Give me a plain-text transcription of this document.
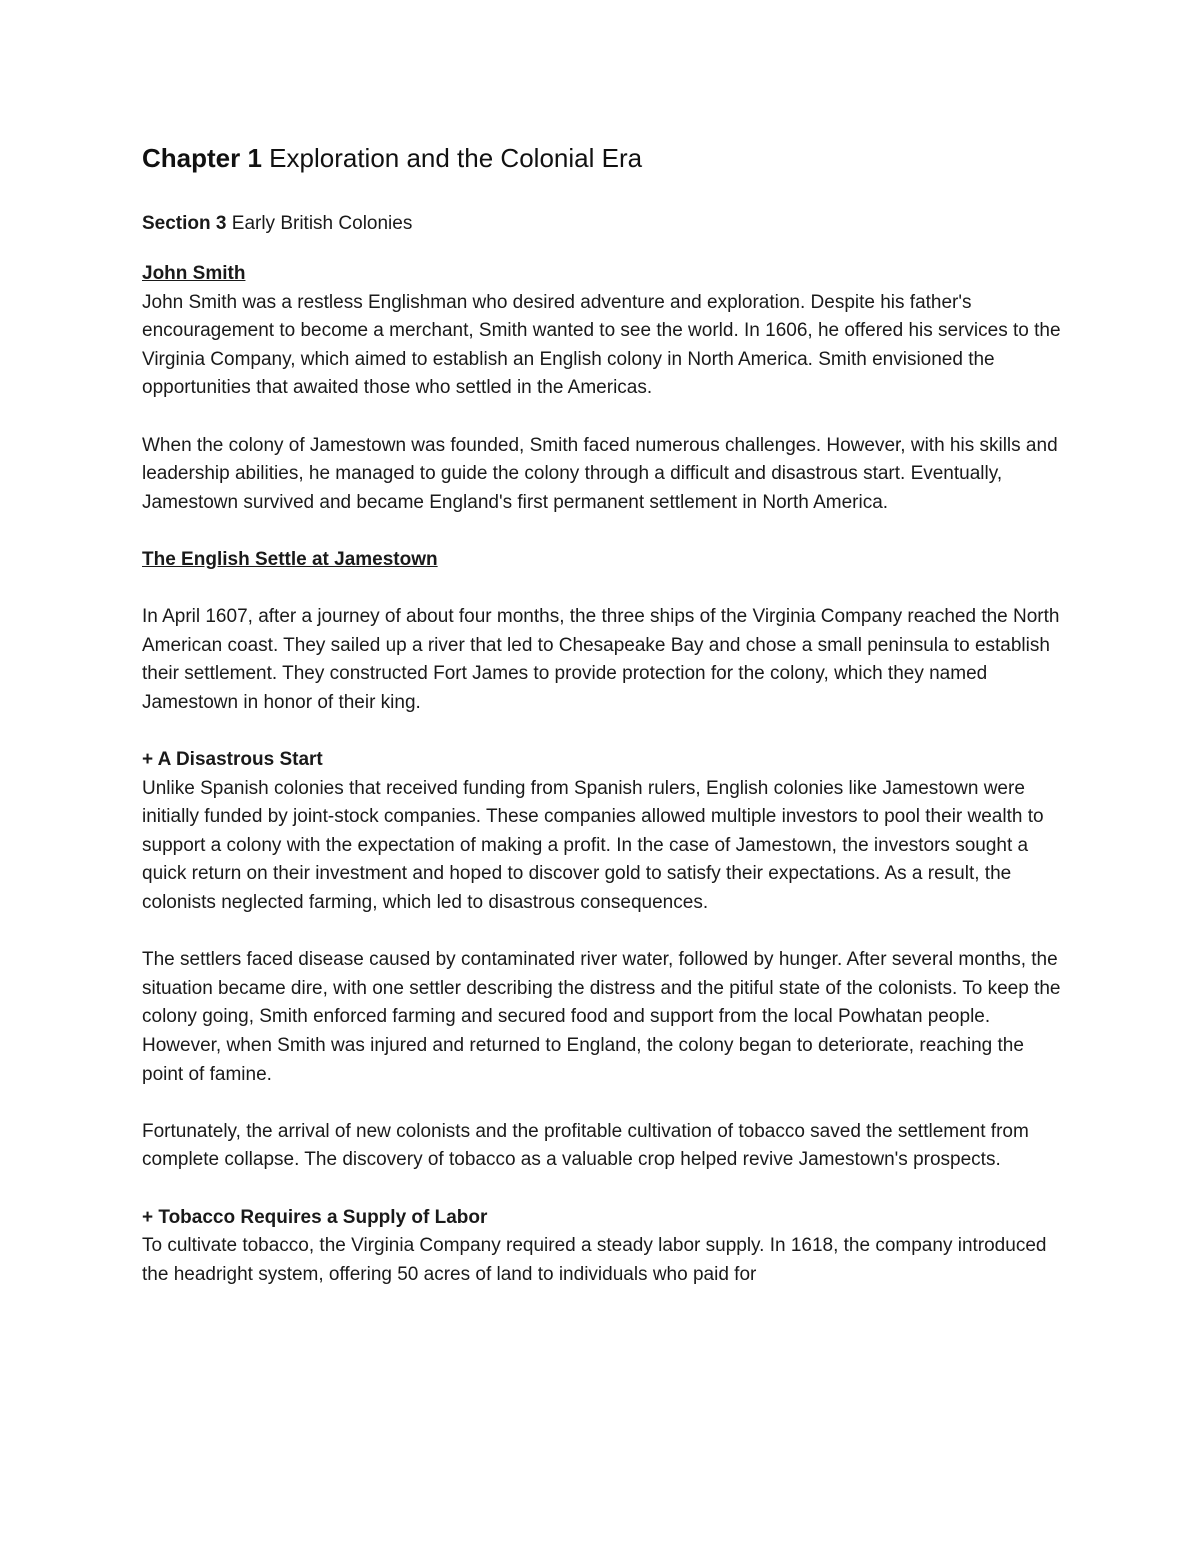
Chapter 1 Exploration and the Colonial Era
Section 3 Early British Colonies
John Smith

John Smith was a restless Englishman who desired adventure and exploration. Despite his father's encouragement to become a merchant, Smith wanted to see the world. In 1606, he offered his services to the Virginia Company, which aimed to establish an English colony in North America. Smith envisioned the opportunities that awaited those who settled in the Americas.

When the colony of Jamestown was founded, Smith faced numerous challenges. However, with his skills and leadership abilities, he managed to guide the colony through a difficult and disastrous start. Eventually, Jamestown survived and became England's first permanent settlement in North America.

The English Settle at Jamestown

In April 1607, after a journey of about four months, the three ships of the Virginia Company reached the North American coast. They sailed up a river that led to Chesapeake Bay and chose a small peninsula to establish their settlement. They constructed Fort James to provide protection for the colony, which they named Jamestown in honor of their king.

+ A Disastrous Start

Unlike Spanish colonies that received funding from Spanish rulers, English colonies like Jamestown were initially funded by joint-stock companies. These companies allowed multiple investors to pool their wealth to support a colony with the expectation of making a profit. In the case of Jamestown, the investors sought a quick return on their investment and hoped to discover gold to satisfy their expectations. As a result, the colonists neglected farming, which led to disastrous consequences.

The settlers faced disease caused by contaminated river water, followed by hunger. After several months, the situation became dire, with one settler describing the distress and the pitiful state of the colonists. To keep the colony going, Smith enforced farming and secured food and support from the local Powhatan people. However, when Smith was injured and returned to England, the colony began to deteriorate, reaching the point of famine.

Fortunately, the arrival of new colonists and the profitable cultivation of tobacco saved the settlement from complete collapse. The discovery of tobacco as a valuable crop helped revive Jamestown's prospects.

+ Tobacco Requires a Supply of Labor

To cultivate tobacco, the Virginia Company required a steady labor supply. In 1618, the company introduced the headright system, offering 50 acres of land to individuals who paid for
